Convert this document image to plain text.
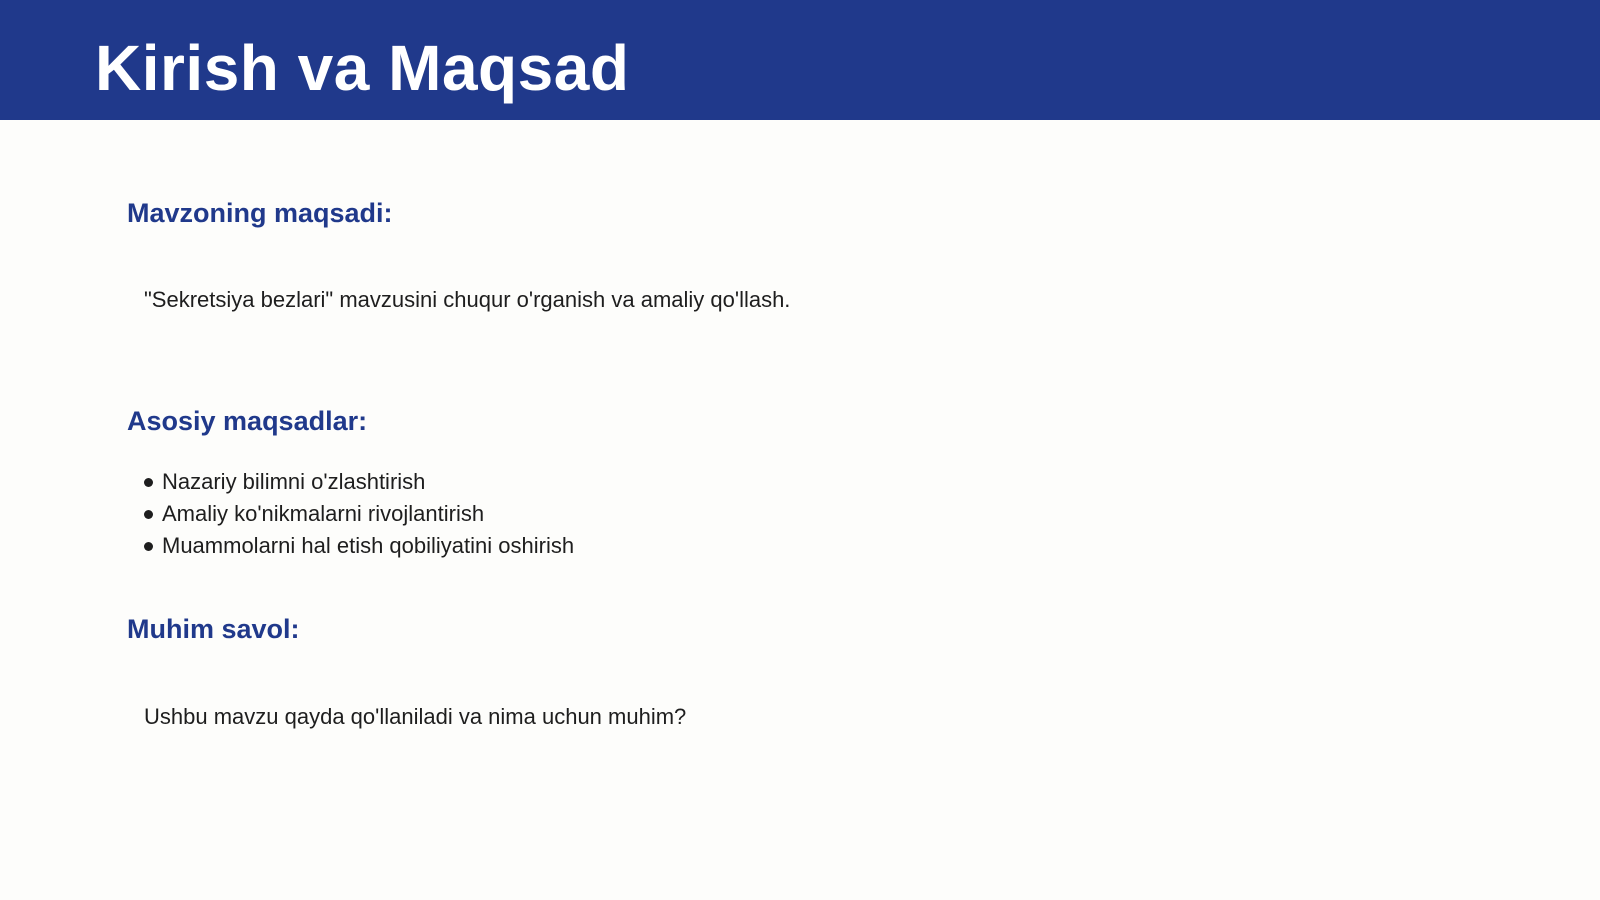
Kirish va Maqsad
Mavzoning maqsadi:

"Sekretsiya bezlari" mavzusini chuqur o'rganish va amaliy qo'llash.

Asosiy maqsadlar:
Nazariy bilimni o'zlashtirish
Amaliy ko'nikmalarni rivojlantirish
Muammolarni hal etish qobiliyatini oshirish
Muhim savol:

Ushbu mavzu qayda qo'llaniladi va nima uchun muhim?
